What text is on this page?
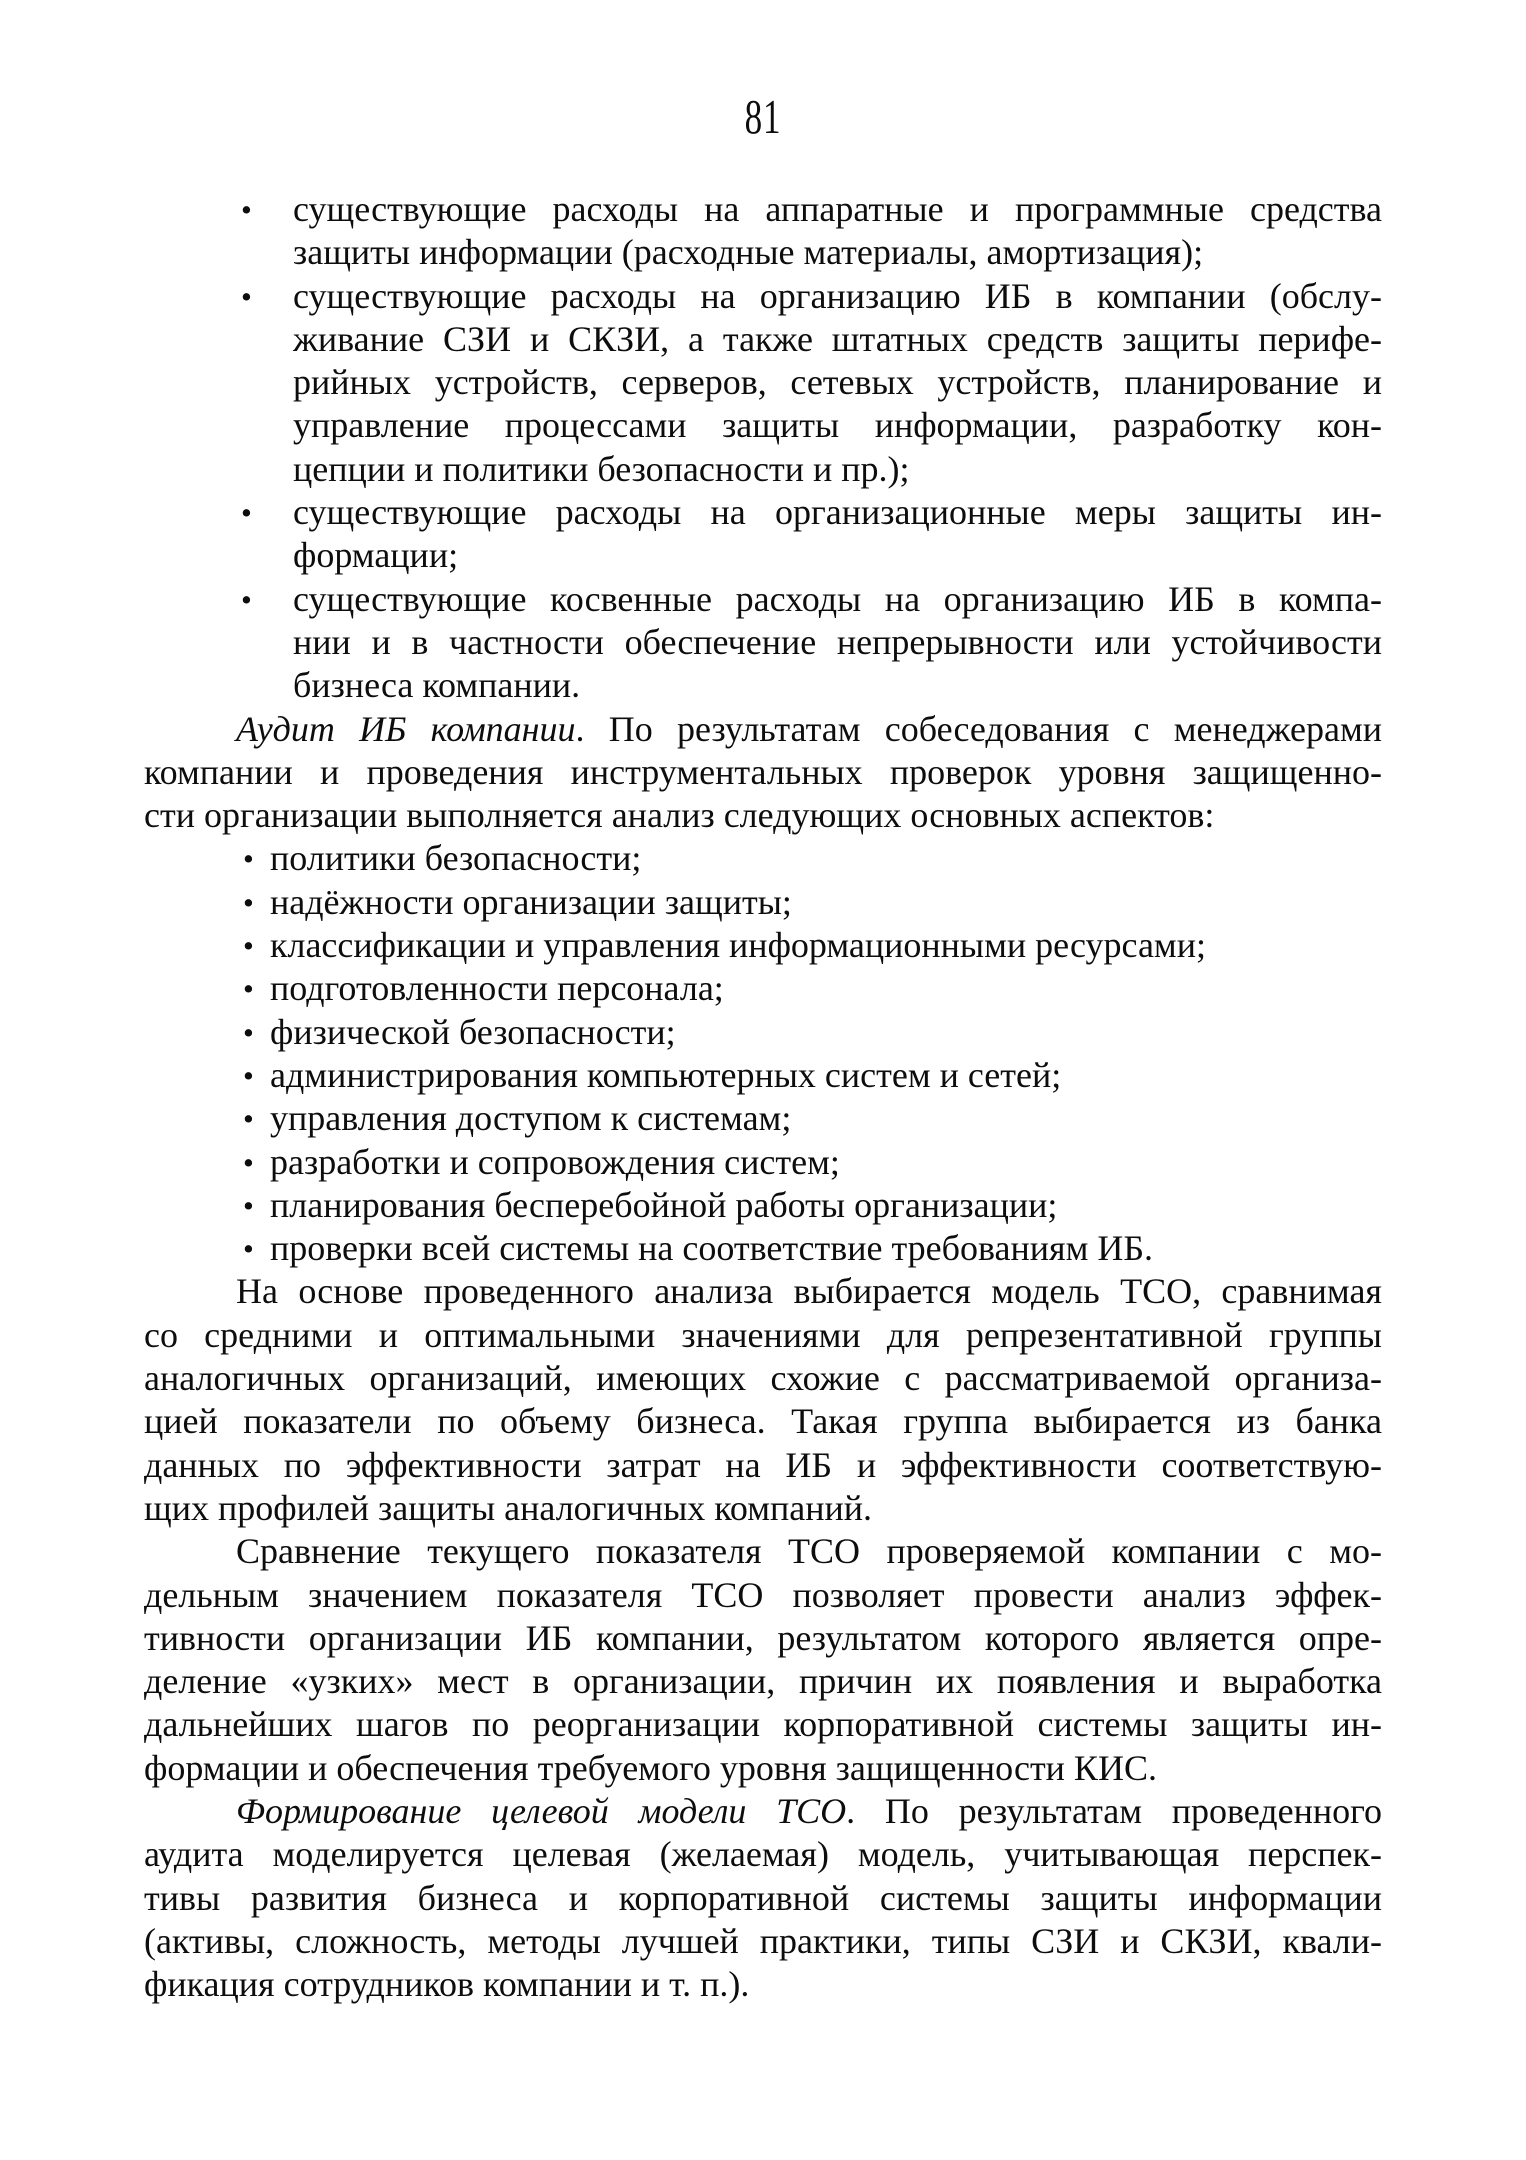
81
• существующие расходы на аппаратные и программные средства
защиты информации (расходные материалы, амортизация);
• существующие расходы на организацию ИБ в компании (обслу-
живание СЗИ и СКЗИ, а также штатных средств защиты перифе-
рийных устройств, серверов, сетевых устройств, планирование и
управление процессами защиты информации, разработку кон-
цепции и политики безопасности и пр.);
• существующие расходы на организационные меры защиты ин-
формации;
• существующие косвенные расходы на организацию ИБ в компа-
нии и в частности обеспечение непрерывности или устойчивости
бизнеса компании.
Аудит ИБ компании. По результатам собеседования с менеджерами
компании и проведения инструментальных проверок уровня защищенно-
сти организации выполняется анализ следующих основных аспектов:
• политики безопасности;
• надёжности организации защиты;
• классификации и управления информационными ресурсами;
• подготовленности персонала;
• физической безопасности;
• администрирования компьютерных систем и сетей;
• управления доступом к системам;
• разработки и сопровождения систем;
• планирования бесперебойной работы организации;
• проверки всей системы на соответствие требованиям ИБ.
На основе проведенного анализа выбирается модель ТСО, сравнимая
со средними и оптимальными значениями для репрезентативной группы
аналогичных организаций, имеющих схожие с рассматриваемой организа-
цией показатели по объему бизнеса. Такая группа выбирается из банка
данных по эффективности затрат на ИБ и эффективности соответствую-
щих профилей защиты аналогичных компаний.
Сравнение текущего показателя ТСО проверяемой компании с мо-
дельным значением показателя ТСО позволяет провести анализ эффек-
тивности организации ИБ компании, результатом которого является опре-
деление «узких» мест в организации, причин их появления и выработка
дальнейших шагов по реорганизации корпоративной системы защиты ин-
формации и обеспечения требуемого уровня защищенности КИС.
Формирование целевой модели ТСО. По результатам проведенного
аудита моделируется целевая (желаемая) модель, учитывающая перспек-
тивы развития бизнеса и корпоративной системы защиты информации
(активы, сложность, методы лучшей практики, типы СЗИ и СКЗИ, квали-
фикация сотрудников компании и т. п.).
